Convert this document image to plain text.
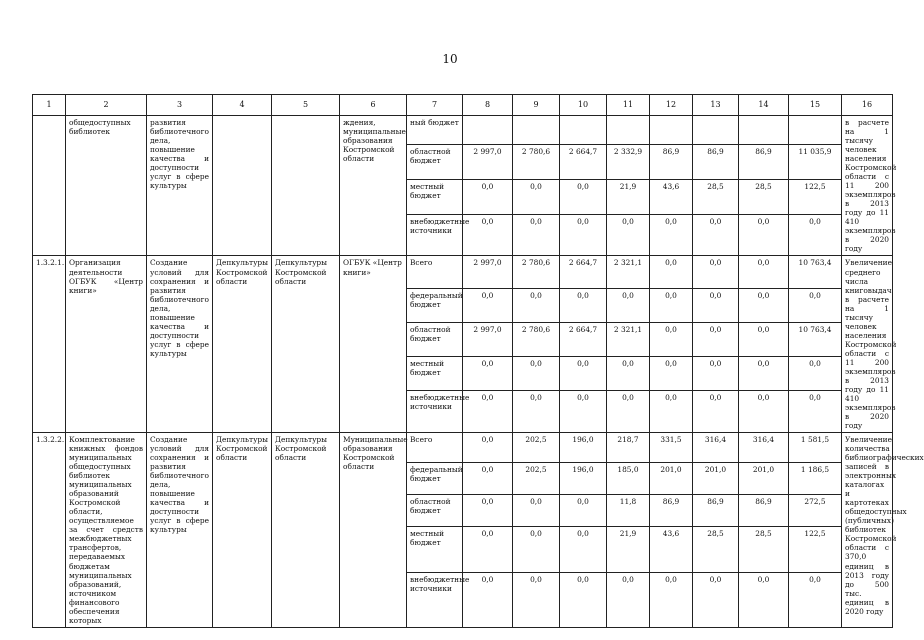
10
1	2	3	4	5	6	7	8	9	10	11	12	13	14	15	16
	общедоступных библиотек	развития библиотечного дела, повышение качества и доступности услуг в сфере культуры			ждения, муниципальные образования Костромской области	ный бюджет									в расчете на 1 тысячу человек населения Костромской области с 11 200 экземпляров в 2013 году до 11 410 экземпляров в 2020 году
						областной бюджет	2 997,0	2 780,6	2 664,7	2 332,9	86,9	86,9	86,9	11 035,9	
						местный бюджет	0,0	0,0	0,0	21,9	43,6	28,5	28,5	122,5	
						внебюджетные источники	0,0	0,0	0,0	0,0	0,0	0,0	0,0	0,0	
1.3.2.1.	Организация деятельности ОГБУК «Центр книги»	Создание условий для сохранения и развития библиотечного дела, повышение качества и доступности услуг в сфере культуры	Депкультуры Костромской области	Депкультуры Костромской области	ОГБУК «Центр книги»	Всего	2 997,0	2 780,6	2 664,7	2 321,1	0,0	0,0	0,0	10 763,4	Увеличение среднего числа книговыдач в расчете на 1 тысячу человек населения Костромской области с 11 200 экземпляров в 2013 году до 11 410 экземпляров в 2020 году
						федеральный бюджет	0,0	0,0	0,0	0,0	0,0	0,0	0,0	0,0	
						областной бюджет	2 997,0	2 780,6	2 664,7	2 321,1	0,0	0,0	0,0	10 763,4	
						местный бюджет	0,0	0,0	0,0	0,0	0,0	0,0	0,0	0,0	
						внебюджетные источники	0,0	0,0	0,0	0,0	0,0	0,0	0,0	0,0	
1.3.2.2.	Комплектование книжных фондов муниципальных общедоступных библиотек муниципальных образований Костромской области, осуществляемое за счет средств межбюджетных трансфертов, передаваемых бюджетам муниципальных образований, источником финансового обеспечения которых	Создание условий для сохранения и развития библиотечного дела, повышение качества и доступности услуг в сфере культуры	Депкультуры Костромской области	Депкультуры Костромской области	Муниципальные образования Костромской области	Всего	0,0	202,5	196,0	218,7	331,5	316,4	316,4	1 581,5	Увеличение количества библиографических записей в электронных каталогах и картотеках общедоступных (публичных) библиотек Костромской области с 370,0 единиц в 2013 году до 500 тыс. единиц в 2020 году
						федеральный бюджет	0,0	202,5	196,0	185,0	201,0	201,0	201,0	1 186,5	
						областной бюджет	0,0	0,0	0,0	11,8	86,9	86,9	86,9	272,5	
						местный бюджет	0,0	0,0	0,0	21,9	43,6	28,5	28,5	122,5	
						внебюджетные источники	0,0	0,0	0,0	0,0	0,0	0,0	0,0	0,0	
